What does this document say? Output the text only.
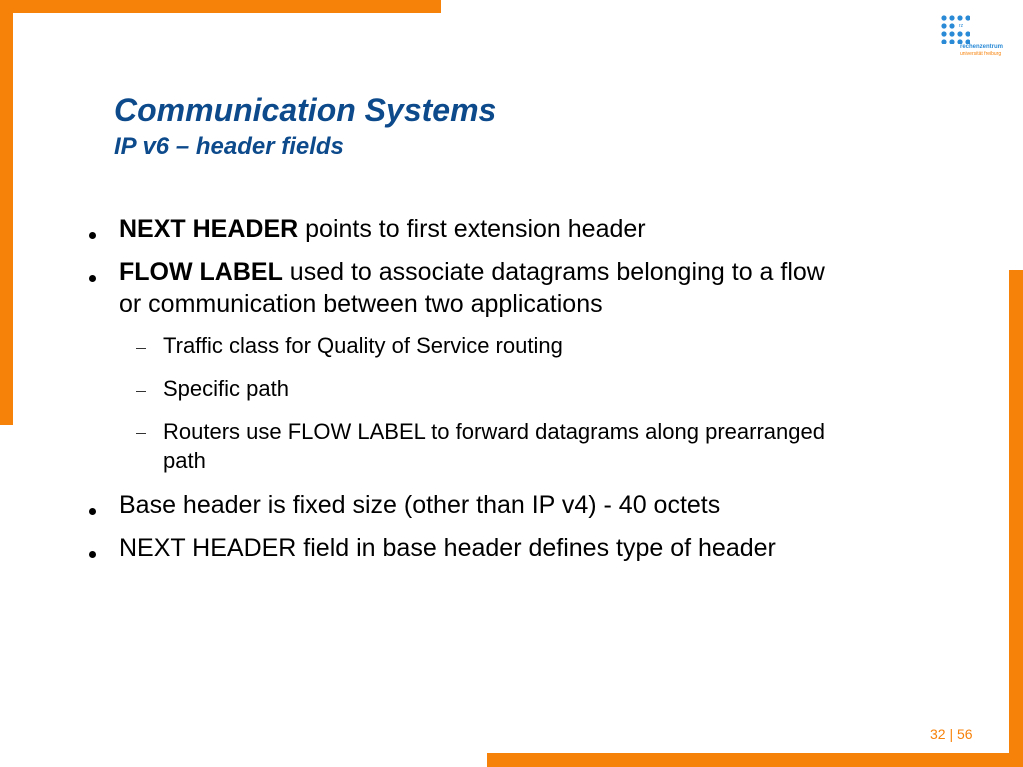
rz
rechenzentrum
universität freiburg
Communication Systems
IP v6 – header fields
NEXT HEADER points to first extension header
FLOW LABEL used to associate datagrams belonging to a flow
or communication between two applications
Traffic class for Quality of Service routing
Specific path
Routers use FLOW LABEL to forward datagrams along prearranged
path
Base header is fixed size (other than IP v4) - 40 octets
NEXT HEADER field in base header defines type of header
32 | 56
